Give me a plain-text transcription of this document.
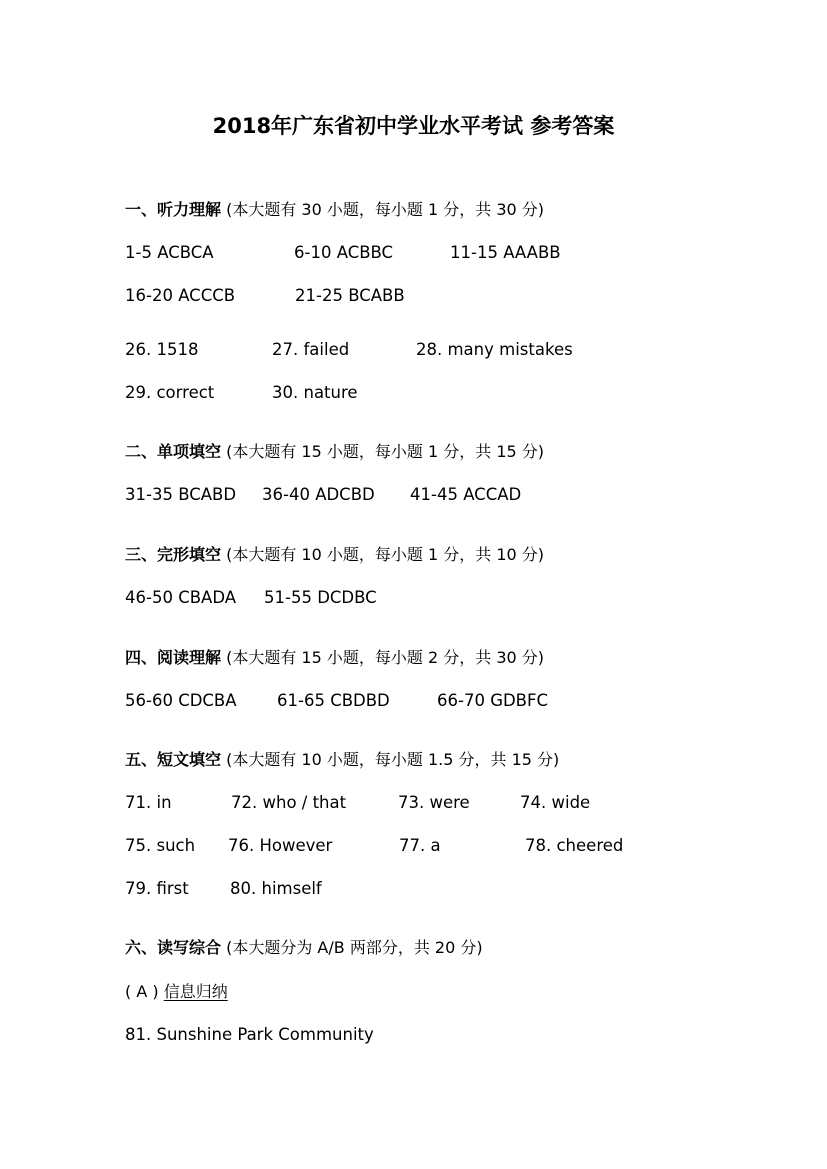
2018年广东省初中学业水平考试 参考答案
一、听力理解 (本大题有 30 小题，每小题 1 分，共 30 分)
1-5 ACBCA	6-10 ACBBC	11-15 AAABB
16-20 ACCCB	21-25 BCABB
26. 1518	27. failed	28. many mistakes
29. correct	30. nature
二、单项填空 (本大题有 15 小题，每小题 1 分，共 15 分)
31-35 BCABD 36-40 ADCBD 41-45 ACCAD
三、完形填空 (本大题有 10 小题，每小题 1 分，共 10 分)
46-50 CBADA 51-55 DCDBC
四、阅读理解 (本大题有 15 小题，每小题 2 分，共 30 分)
56-60 CDCBA 61-65 CBDBD	66-70 GDBFC
五、短文填空 (本大题有 10 小题，每小题 1.5 分，共 15 分)
71. in	72. who / that	73. were	74. wide
75. such 76. However	77. a	78. cheered
79. first	80. himself
六、读写综合 (本大题分为 A/B 两部分，共 20 分)
( A ) 信息归纳
81. Sunshine Park Community
